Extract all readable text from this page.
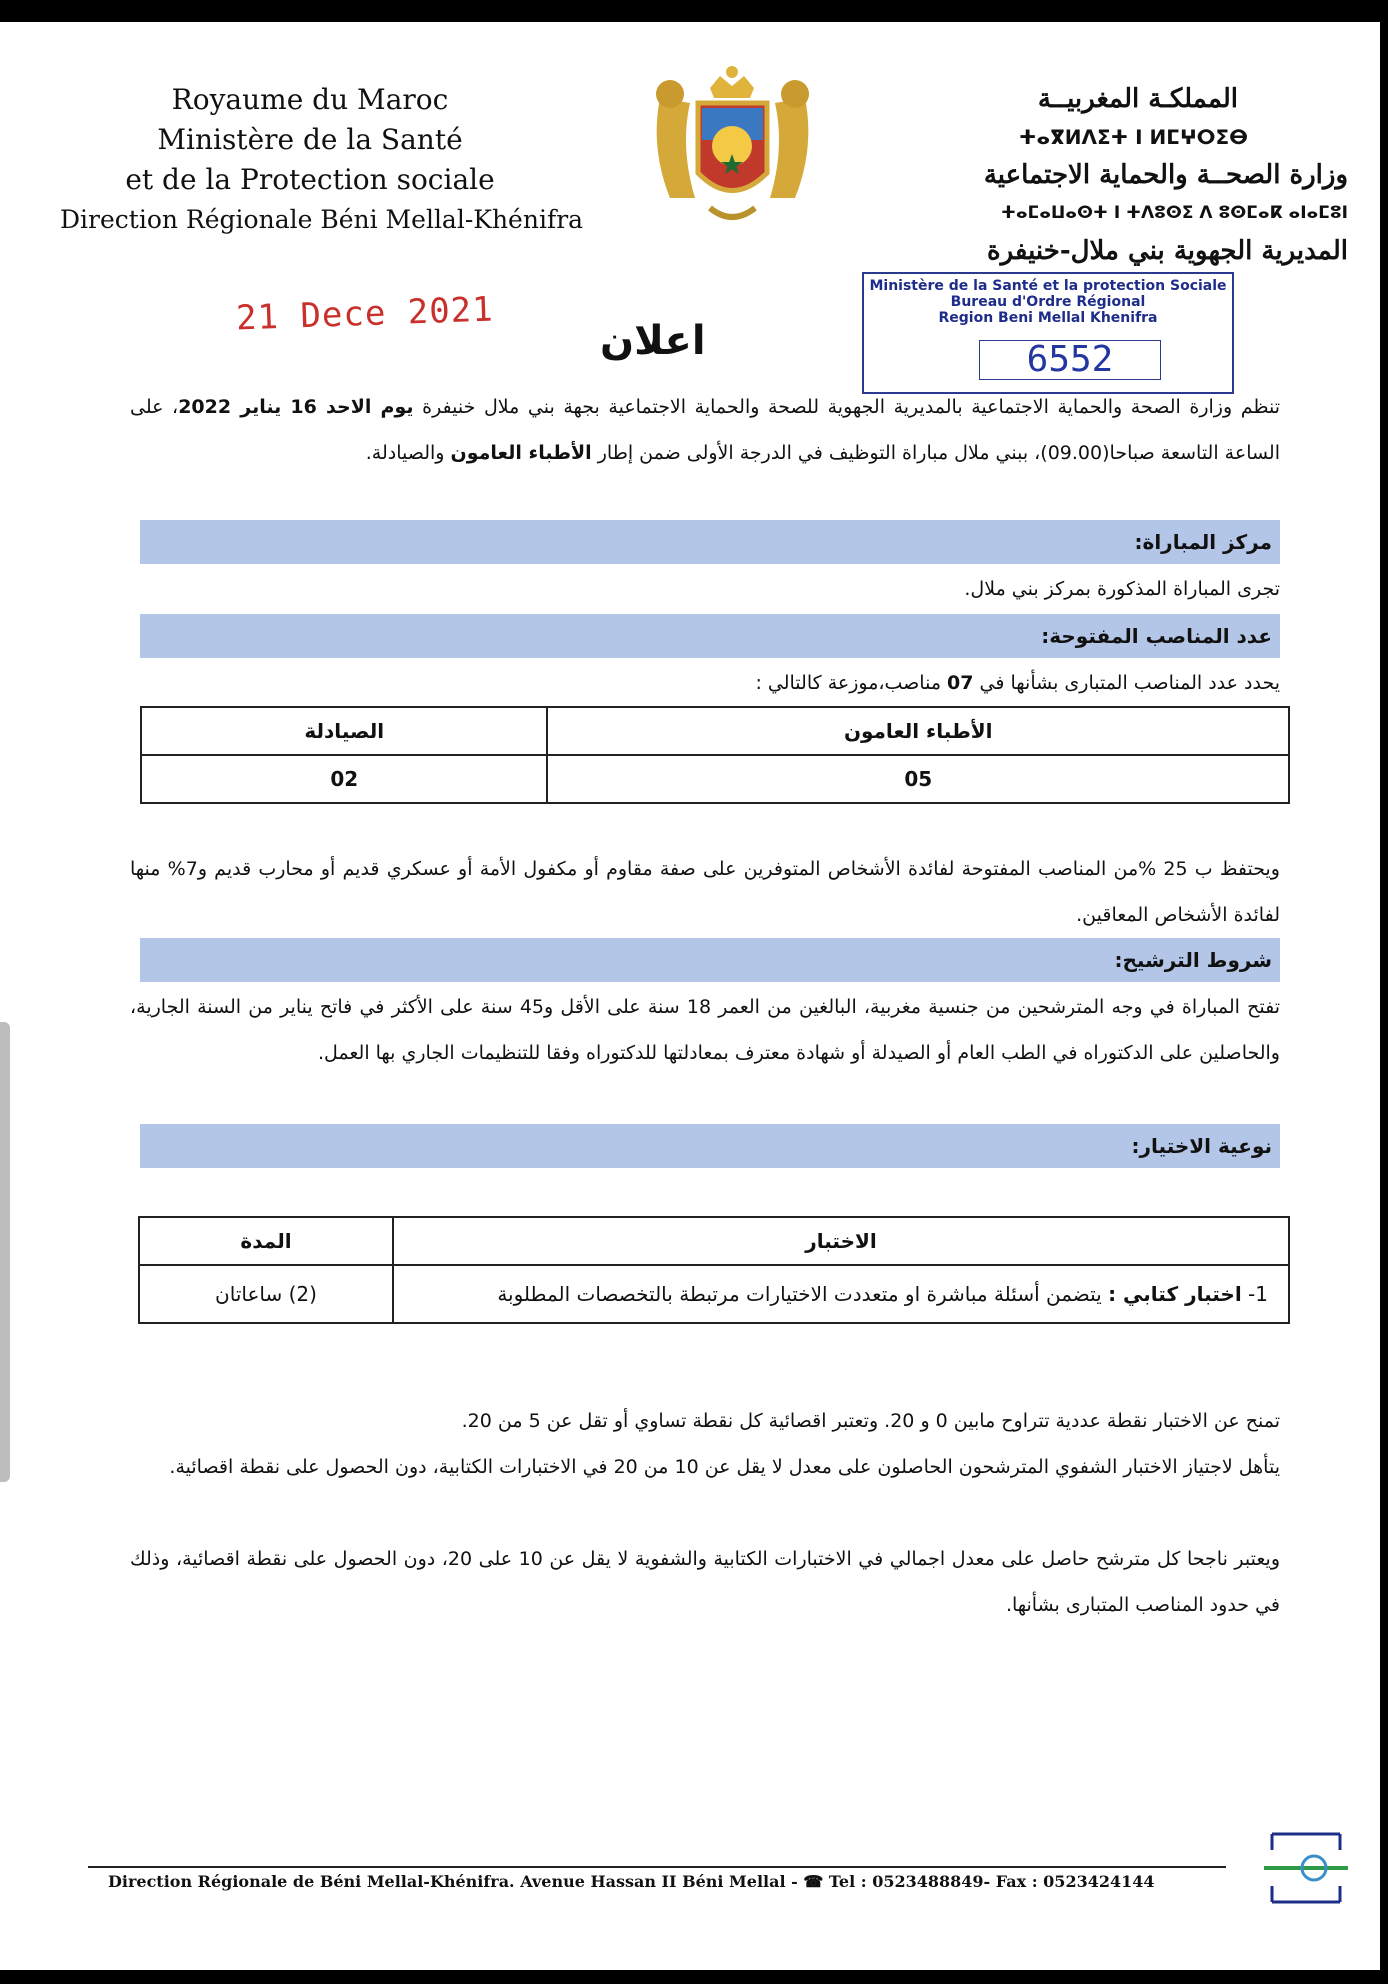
Royaume du Maroc
Ministère de la Santé
et de la Protection sociale
Direction Régionale Béni Mellal-Khénifra
المملكـة المغربيــة
ⵜⴰⴳⵍⴷⵉⵜ ⵏ ⵍⵎⵖⵔⵉⴱ
وزارة الصحــة والحماية الاجتماعية
ⵜⴰⵎⴰⵡⴰⵙⵜ ⵏ ⵜⴷⵓⵙⵉ ⴷ ⵓⵙⵎⴰⴽ ⴰⵏⴰⵎⵓⵏ
المديرية الجهوية بني ملال-خنيفرة
21 Dece 2021
Ministère de la Santé et la protection Sociale
Bureau d'Ordre Régional
Region Beni Mellal Khenifra
6552
اعلان
تنظم وزارة الصحة والحماية الاجتماعية بالمديرية الجهوية للصحة والحماية الاجتماعية بجهة بني ملال خنيفرة يوم الاحد 16 يناير 2022، على الساعة التاسعة صباحا(09.00)، ببني ملال مباراة التوظيف في الدرجة الأولى ضمن إطار الأطباء العامون والصيادلة.
مركز المباراة:
تجرى المباراة المذكورة بمركز بني ملال.
عدد المناصب المفتوحة:
يحدد عدد المناصب المتبارى بشأنها في 07 مناصب،موزعة كالتالي :
الأطباء العامون	الصيادلة
05	02
ويحتفظ ب 25 %من المناصب المفتوحة لفائدة الأشخاص المتوفرين على صفة مقاوم أو مكفول الأمة أو عسكري قديم أو محارب قديم و7% منها لفائدة الأشخاص المعاقين.
شروط الترشيح:
تفتح المباراة في وجه المترشحين من جنسية مغربية، البالغين من العمر 18 سنة على الأقل و45 سنة على الأكثر في فاتح يناير من السنة الجارية، والحاصلين على الدكتوراه في الطب العام أو الصيدلة أو شهادة معترف بمعادلتها للدكتوراه وفقا للتنظيمات الجاري بها العمل.
نوعية الاختيار:
الاختبار	المدة
1- اختبار كتابي : يتضمن أسئلة مباشرة او متعددت الاختيارات مرتبطة بالتخصصات المطلوبة	(2) ساعاتان
تمنح عن الاختبار نقطة عددية تتراوح مابين 0 و 20. وتعتبر اقصائية كل نقطة تساوي أو تقل عن 5 من 20.
يتأهل لاجتياز الاختبار الشفوي المترشحون الحاصلون على معدل لا يقل عن 10 من 20 في الاختبارات الكتابية، دون الحصول على نقطة اقصائية.
ويعتبر ناجحا كل مترشح حاصل على معدل اجمالي في الاختبارات الكتابية والشفوية لا يقل عن 10 على 20، دون الحصول على نقطة اقصائية، وذلك في حدود المناصب المتبارى بشأنها.
Direction Régionale de Béni Mellal-Khénifra. Avenue Hassan II Béni Mellal - ☎ Tel : 0523488849- Fax : 0523424144
